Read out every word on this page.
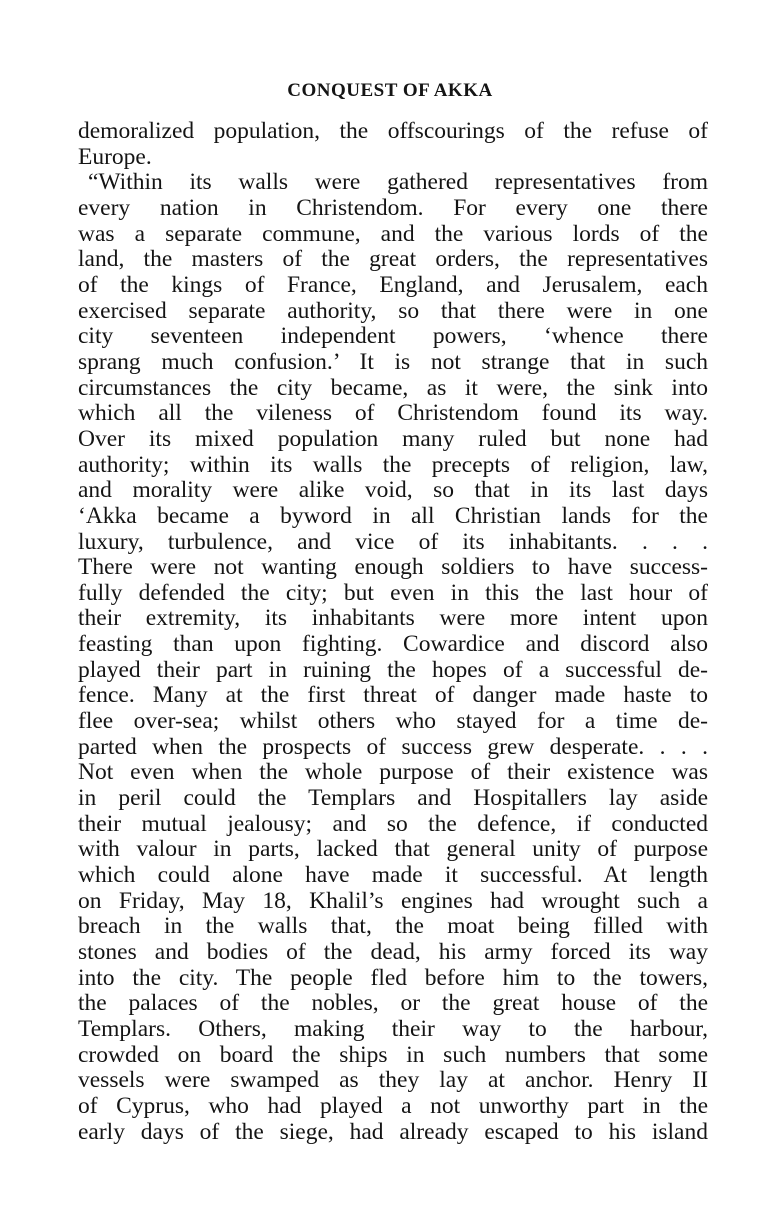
CONQUEST OF AKKA
demoralized population, the offscourings of the refuse of
Europe.
“Within its walls were gathered representatives from
every nation in Christendom. For every one there
was a separate commune, and the various lords of the
land, the masters of the great orders, the representatives
of the kings of France, England, and Jerusalem, each
exercised separate authority, so that there were in one
city seventeen independent powers, ‘whence there
sprang much confusion.’ It is not strange that in such
circumstances the city became, as it were, the sink into
which all the vileness of Christendom found its way.
Over its mixed population many ruled but none had
authority; within its walls the precepts of religion, law,
and morality were alike void, so that in its last days
‘Akka became a byword in all Christian lands for the
luxury, turbulence, and vice of its inhabitants. . . .
There were not wanting enough soldiers to have success-
fully defended the city; but even in this the last hour of
their extremity, its inhabitants were more intent upon
feasting than upon fighting. Cowardice and discord also
played their part in ruining the hopes of a successful de-
fence. Many at the first threat of danger made haste to
flee over-sea; whilst others who stayed for a time de-
parted when the prospects of success grew desperate. . . .
Not even when the whole purpose of their existence was
in peril could the Templars and Hospitallers lay aside
their mutual jealousy; and so the defence, if conducted
with valour in parts, lacked that general unity of purpose
which could alone have made it successful. At length
on Friday, May 18, Khalil’s engines had wrought such a
breach in the walls that, the moat being filled with
stones and bodies of the dead, his army forced its way
into the city. The people fled before him to the towers,
the palaces of the nobles, or the great house of the
Templars. Others, making their way to the harbour,
crowded on board the ships in such numbers that some
vessels were swamped as they lay at anchor. Henry II
of Cyprus, who had played a not unworthy part in the
early days of the siege, had already escaped to his island
